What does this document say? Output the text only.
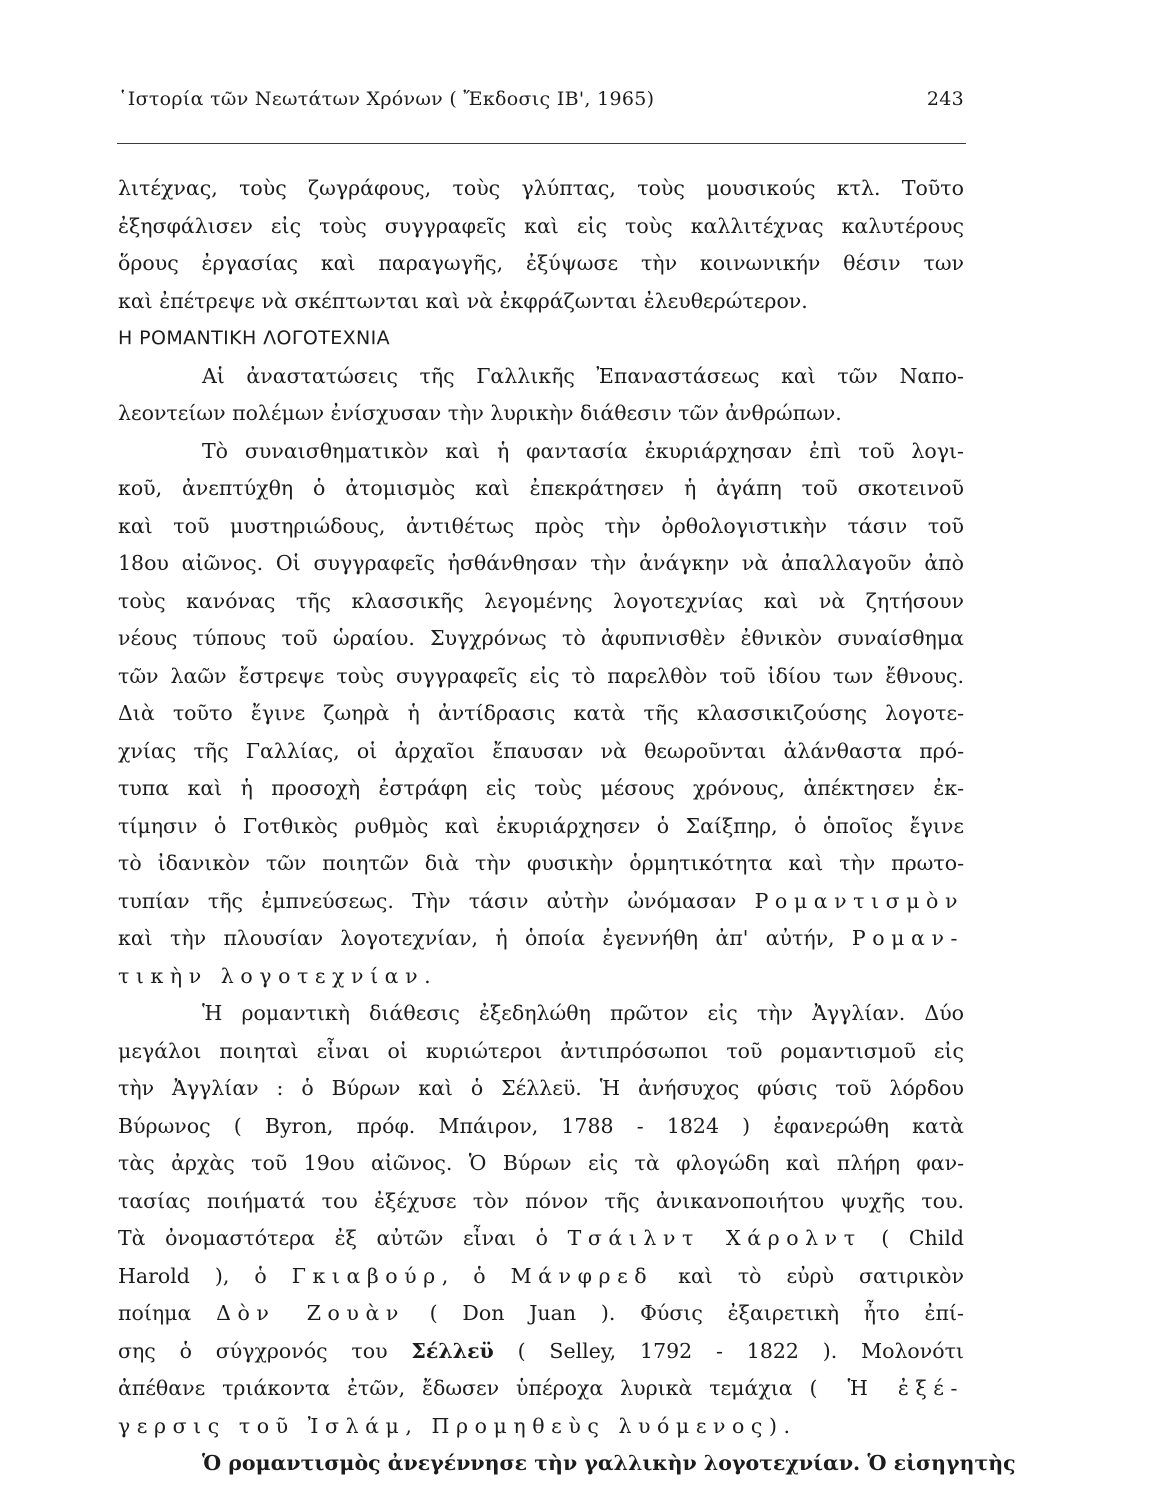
῾Ιστορία τῶν Νεωτάτων Χρόνων ( Ἔκδοσις ΙΒ', 1965)	243
λιτέχνας, τοὺς ζωγράφους, τοὺς γλύπτας, τοὺς μουσικούς κτλ. Τοῦτο
ἐξησφάλισεν εἰς τοὺς συγγραφεῖς καὶ εἰς τοὺς καλλιτέχνας καλυτέρους
ὅρους ἐργασίας καὶ παραγωγῆς, ἐξύψωσε τὴν κοινωνικήν θέσιν των
καὶ ἐπέτρεψε νὰ σκέπτωνται καὶ νὰ ἐκφράζωνται ἐλευθερώτερον.
Η ΡΟΜΑΝΤΙΚΗ ΛΟΓΟΤΕΧΝΙΑ
Αἱ ἀναστατώσεις τῆς Γαλλικῆς Ἐπαναστάσεως καὶ τῶν Ναπο-
λεοντείων πολέμων ἐνίσχυσαν τὴν λυρικὴν διάθεσιν τῶν ἀνθρώπων.
Τὸ συναισθηματικὸν καὶ ἡ φαντασία ἐκυριάρχησαν ἐπὶ τοῦ λογι-
κοῦ, ἀνεπτύχθη ὁ ἀτομισμὸς καὶ ἐπεκράτησεν ἡ ἀγάπη τοῦ σκοτεινοῦ
καὶ τοῦ μυστηριώδους, ἀντιθέτως πρὸς τὴν ὀρθολογιστικὴν τάσιν τοῦ
18ου αἰῶνος. Οἱ συγγραφεῖς ἠσθάνθησαν τὴν ἀνάγκην νὰ ἀπαλλαγοῦν ἀπὸ
τοὺς κανόνας τῆς κλασσικῆς λεγομένης λογοτεχνίας καὶ νὰ ζητήσουν
νέους τύπους τοῦ ὡραίου. Συγχρόνως τὸ ἀφυπνισθὲν ἐθνικὸν συναίσθημα
τῶν λαῶν ἔστρεψε τοὺς συγγραφεῖς εἰς τὸ παρελθὸν τοῦ ἰδίου των ἔθνους.
Διὰ τοῦτο ἔγινε ζωηρὰ ἡ ἀντίδρασις κατὰ τῆς κλασσικιζούσης λογοτε-
χνίας τῆς Γαλλίας, οἱ ἀρχαῖοι ἔπαυσαν νὰ θεωροῦνται ἀλάνθαστα πρό-
τυπα καὶ ἡ προσοχὴ ἐστράφη εἰς τοὺς μέσους χρόνους, ἀπέκτησεν ἐκ-
τίμησιν ὁ Γοτθικὸς ρυθμὸς καὶ ἐκυριάρχησεν ὁ Σαίξπηρ, ὁ ὁποῖος ἔγινε
τὸ ἰδανικὸν τῶν ποιητῶν διὰ τὴν φυσικὴν ὁρμητικότητα καὶ τὴν πρωτο-
τυπίαν τῆς ἐμπνεύσεως. Τὴν τάσιν αὐτὴν ὠνόμασαν Ρομαντισμὸν
καὶ τὴν πλουσίαν λογοτεχνίαν, ἡ ὁποία ἐγεννήθη ἀπ' αὐτήν, Ρομαν-
τικὴν λογοτεχνίαν.
Ἡ ρομαντικὴ διάθεσις ἐξεδηλώθη πρῶτον εἰς τὴν Ἀγγλίαν. Δύο
μεγάλοι ποιηταὶ εἶναι οἱ κυριώτεροι ἀντιπρόσωποι τοῦ ρομαντισμοῦ εἰς
τὴν Ἀγγλίαν : ὁ Βύρων καὶ ὁ Σέλλεϋ. Ἡ ἀνήσυχος φύσις τοῦ λόρδου
Βύρωνος ( Byron, πρόφ. Μπάιρον, 1788 - 1824 ) ἐφανερώθη κατὰ
τὰς ἀρχὰς τοῦ 19ου αἰῶνος. Ὁ Βύρων εἰς τὰ φλογώδη καὶ πλήρη φαν-
τασίας ποιήματά του ἐξέχυσε τὸν πόνον τῆς ἀνικανοποιήτου ψυχῆς του.
Τὰ ὀνομαστότερα ἐξ αὐτῶν εἶναι ὁ Τσάιλντ Χάρολντ ( Child
Harold ), ὁ Γκιαβούρ, ὁ Μάνφρεδ καὶ τὸ εὐρὺ σατιρικὸν
ποίημα Δὸν Ζουὰν ( Don Juan ). Φύσις ἐξαιρετικὴ ἦτο ἐπί-
σης ὁ σύγχρονός του Σέλλεϋ ( Selley, 1792 - 1822 ). Μολονότι
ἀπέθανε τριάκοντα ἐτῶν, ἔδωσεν ὑπέροχα λυρικὰ τεμάχια ( Ἡ ἐξέ-
γερσις τοῦ Ἰσλάμ, Προμηθεὺς λυόμενος).
Ὁ ρομαντισμὸς ἀνεγέννησε τὴν γαλλικὴν λογοτεχνίαν. Ὁ εἰσηγητὴς
